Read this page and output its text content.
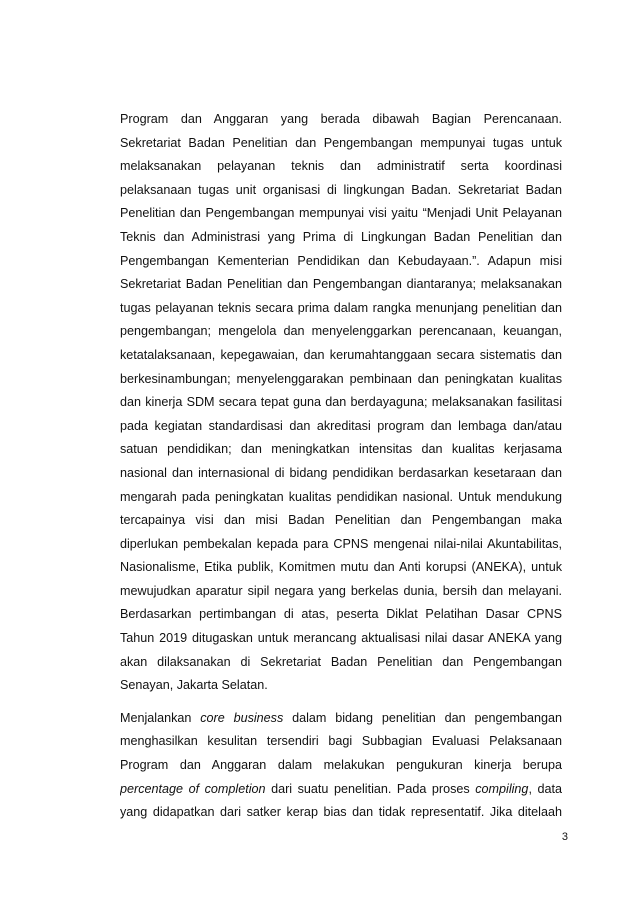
Program dan Anggaran yang berada dibawah Bagian Perencanaan.
Sekretariat Badan Penelitian dan Pengembangan mempunyai tugas untuk
melaksanakan pelayanan teknis dan administratif serta koordinasi
pelaksanaan tugas unit organisasi di lingkungan Badan. Sekretariat Badan
Penelitian dan Pengembangan mempunyai visi yaitu “Menjadi Unit Pelayanan
Teknis dan Administrasi yang Prima di Lingkungan Badan Penelitian dan
Pengembangan Kementerian Pendidikan dan Kebudayaan.”. Adapun misi
Sekretariat Badan Penelitian dan Pengembangan diantaranya; melaksanakan
tugas pelayanan teknis secara prima dalam rangka menunjang penelitian dan
pengembangan; mengelola dan menyelenggarkan perencanaan, keuangan,
ketatalaksanaan, kepegawaian, dan kerumahtanggaan secara sistematis dan
berkesinambungan; menyelenggarakan pembinaan dan peningkatan kualitas
dan kinerja SDM secara tepat guna dan berdayaguna; melaksanakan fasilitasi
pada kegiatan standardisasi dan akreditasi program dan lembaga dan/atau
satuan pendidikan; dan meningkatkan intensitas dan kualitas kerjasama
nasional dan internasional di bidang pendidikan berdasarkan kesetaraan dan
mengarah pada peningkatan kualitas pendidikan nasional. Untuk mendukung
tercapainya visi dan misi Badan Penelitian dan Pengembangan maka
diperlukan pembekalan kepada para CPNS mengenai nilai-nilai Akuntabilitas,
Nasionalisme, Etika publik, Komitmen mutu dan Anti korupsi (ANEKA), untuk
mewujudkan aparatur sipil negara yang berkelas dunia, bersih dan melayani.
Berdasarkan pertimbangan di atas, peserta Diklat Pelatihan Dasar CPNS
Tahun 2019 ditugaskan untuk merancang aktualisasi nilai dasar ANEKA yang
akan dilaksanakan di Sekretariat Badan Penelitian dan Pengembangan
Senayan, Jakarta Selatan.
Menjalankan core business dalam bidang penelitian dan pengembangan
menghasilkan kesulitan tersendiri bagi Subbagian Evaluasi Pelaksanaan
Program dan Anggaran dalam melakukan pengukuran kinerja berupa
percentage of completion dari suatu penelitian. Pada proses compiling, data
yang didapatkan dari satker kerap bias dan tidak representatif. Jika ditelaah
3
